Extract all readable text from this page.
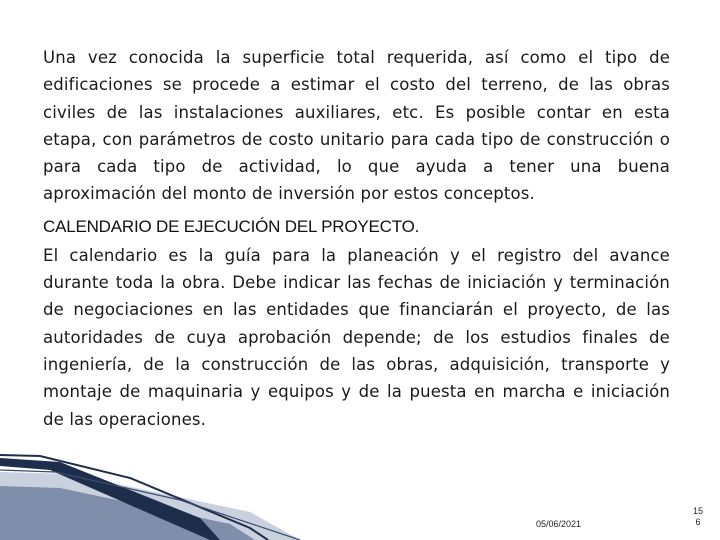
Una vez conocida la superficie total requerida, así como el tipo de edificaciones se procede a estimar el costo del terreno, de las obras civiles de las instalaciones auxiliares, etc. Es posible contar en esta etapa, con parámetros de costo unitario para cada tipo de construcción o para cada tipo de actividad, lo que ayuda a tener una buena aproximación del monto de inversión por estos conceptos.

CALENDARIO DE EJECUCIÓN DEL PROYECTO.

El calendario es la guía para la planeación y el registro del avance durante toda la obra. Debe indicar las fechas de iniciación y terminación de negociaciones en las entidades que financiarán el proyecto, de las autoridades de cuya aprobación depende; de los estudios finales de ingeniería, de la construcción de las obras, adquisición, transporte y montaje de maquinaria y equipos y de la puesta en marcha e iniciación de las operaciones.

05/06/2021
15
6
